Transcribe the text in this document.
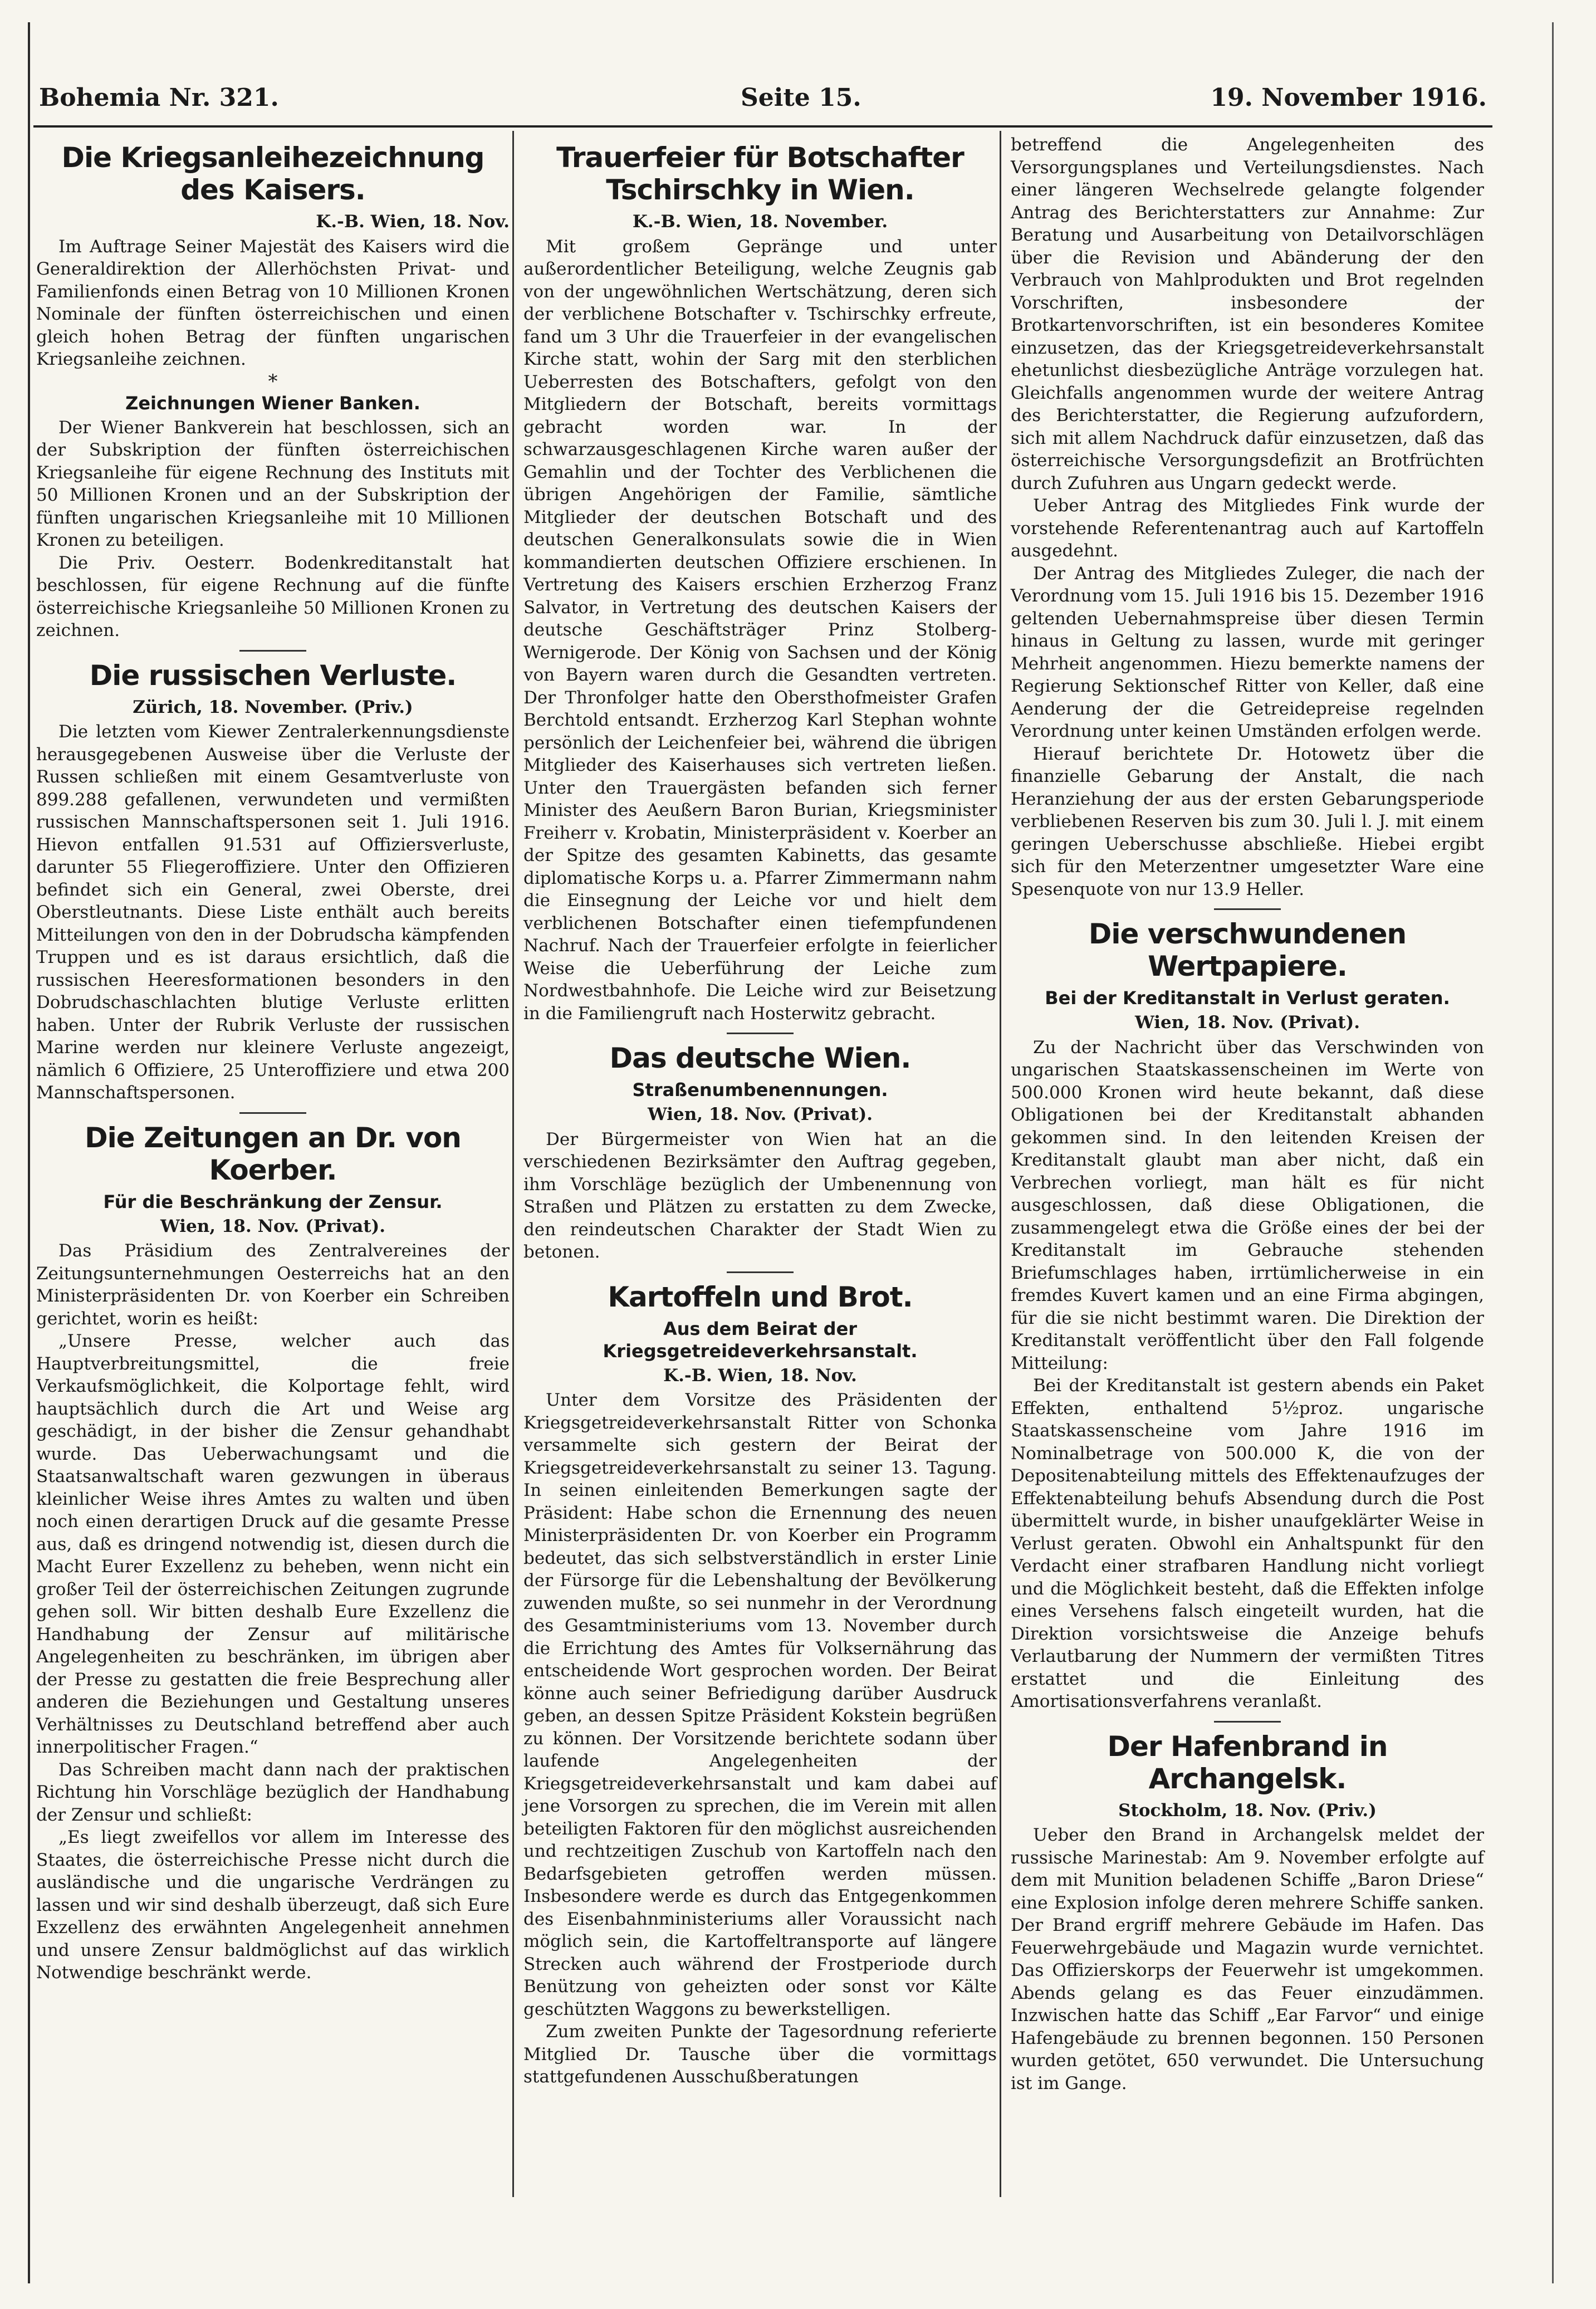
Bohemia Nr. 321.	Seite 15.	19. November 1916.
Die Kriegsanleihezeichnung des Kaisers.
K.-B. Wien, 18. Nov.

Im Auftrage Seiner Majestät des Kaisers wird die Generaldirektion der Allerhöchsten Privat- und Familienfonds einen Betrag von 10 Millionen Kronen Nominale der fünften österreichischen und einen gleich hohen Betrag der fünften ungarischen Kriegsanleihe zeichnen.

*
Zeichnungen Wiener Banken.

Der Wiener Bankverein hat beschlossen, sich an der Subskription der fünften österreichischen Kriegsanleihe für eigene Rechnung des Instituts mit 50 Millionen Kronen und an der Subskription der fünften ungarischen Kriegsanleihe mit 10 Millionen Kronen zu beteiligen.

Die Priv. Oesterr. Bodenkreditanstalt hat beschlossen, für eigene Rechnung auf die fünfte österreichische Kriegsanleihe 50 Millionen Kronen zu zeichnen.

Die russischen Verluste.
Zürich, 18. November. (Priv.)

Die letzten vom Kiewer Zentralerkennungsdienste herausgegebenen Ausweise über die Verluste der Russen schließen mit einem Gesamtverluste von 899.288 gefallenen, verwundeten und vermißten russischen Mannschaftspersonen seit 1. Juli 1916. Hievon entfallen 91.531 auf Offiziersverluste, darunter 55 Fliegeroffiziere. Unter den Offizieren befindet sich ein General, zwei Oberste, drei Oberstleutnants. Diese Liste enthält auch bereits Mitteilungen von den in der Dobrudscha kämpfenden Truppen und es ist daraus ersichtlich, daß die russischen Heeresformationen besonders in den Dobrudschaschlachten blutige Verluste erlitten haben. Unter der Rubrik Verluste der russischen Marine werden nur kleinere Verluste angezeigt, nämlich 6 Offiziere, 25 Unteroffiziere und etwa 200 Mannschaftspersonen.

Die Zeitungen an Dr. von Koerber.
Für die Beschränkung der Zensur.
Wien, 18. Nov. (Privat).

Das Präsidium des Zentralvereines der Zeitungsunternehmungen Oesterreichs hat an den Ministerpräsidenten Dr. von Koerber ein Schreiben gerichtet, worin es heißt:

„Unsere Presse, welcher auch das Hauptverbreitungsmittel, die freie Verkaufsmöglichkeit, die Kolportage fehlt, wird hauptsächlich durch die Art und Weise arg geschädigt, in der bisher die Zensur gehandhabt wurde. Das Ueberwachungsamt und die Staatsanwaltschaft waren gezwungen in überaus kleinlicher Weise ihres Amtes zu walten und üben noch einen derartigen Druck auf die gesamte Presse aus, daß es dringend notwendig ist, diesen durch die Macht Eurer Exzellenz zu beheben, wenn nicht ein großer Teil der österreichischen Zeitungen zugrunde gehen soll. Wir bitten deshalb Eure Exzellenz die Handhabung der Zensur auf militärische Angelegenheiten zu beschränken, im übrigen aber der Presse zu gestatten die freie Besprechung aller anderen die Beziehungen und Gestaltung unseres Verhältnisses zu Deutschland betreffend aber auch innerpolitischer Fragen.“

Das Schreiben macht dann nach der praktischen Richtung hin Vorschläge bezüglich der Handhabung der Zensur und schließt:

„Es liegt zweifellos vor allem im Interesse des Staates, die österreichische Presse nicht durch die ausländische und die ungarische Verdrängen zu lassen und wir sind deshalb überzeugt, daß sich Eure Exzellenz des erwähnten Angelegenheit annehmen und unsere Zensur baldmöglichst auf das wirklich Notwendige beschränkt werde.

Trauerfeier für Botschafter Tschirschky in Wien.
K.-B. Wien, 18. November.

Mit großem Gepränge und unter außerordentlicher Beteiligung, welche Zeugnis gab von der ungewöhnlichen Wertschätzung, deren sich der verblichene Botschafter v. Tschirschky erfreute, fand um 3 Uhr die Trauerfeier in der evangelischen Kirche statt, wohin der Sarg mit den sterblichen Ueberresten des Botschafters, gefolgt von den Mitgliedern der Botschaft, bereits vormittags gebracht worden war. In der schwarzausgeschlagenen Kirche waren außer der Gemahlin und der Tochter des Verblichenen die übrigen Angehörigen der Familie, sämtliche Mitglieder der deutschen Botschaft und des deutschen Generalkonsulats sowie die in Wien kommandierten deutschen Offiziere erschienen. In Vertretung des Kaisers erschien Erzherzog Franz Salvator, in Vertretung des deutschen Kaisers der deutsche Geschäftsträger Prinz Stolberg-Wernigerode. Der König von Sachsen und der König von Bayern waren durch die Gesandten vertreten. Der Thronfolger hatte den Obersthofmeister Grafen Berchtold entsandt. Erzherzog Karl Stephan wohnte persönlich der Leichenfeier bei, während die übrigen Mitglieder des Kaiserhauses sich vertreten ließen. Unter den Trauergästen befanden sich ferner Minister des Aeußern Baron Burian, Kriegsminister Freiherr v. Krobatin, Ministerpräsident v. Koerber an der Spitze des gesamten Kabinetts, das gesamte diplomatische Korps u. a. Pfarrer Zimmermann nahm die Einsegnung der Leiche vor und hielt dem verblichenen Botschafter einen tiefempfundenen Nachruf. Nach der Trauerfeier erfolgte in feierlicher Weise die Ueberführung der Leiche zum Nordwestbahnhofe. Die Leiche wird zur Beisetzung in die Familiengruft nach Hosterwitz gebracht.

Das deutsche Wien.
Straßenumbenennungen.
Wien, 18. Nov. (Privat).

Der Bürgermeister von Wien hat an die verschiedenen Bezirksämter den Auftrag gegeben, ihm Vorschläge bezüglich der Umbenennung von Straßen und Plätzen zu erstatten zu dem Zwecke, den reindeutschen Charakter der Stadt Wien zu betonen.

Kartoffeln und Brot.
Aus dem Beirat der Kriegsgetreideverkehrsanstalt.
K.-B. Wien, 18. Nov.

Unter dem Vorsitze des Präsidenten der Kriegsgetreideverkehrsanstalt Ritter von Schonka versammelte sich gestern der Beirat der Kriegsgetreideverkehrsanstalt zu seiner 13. Tagung. In seinen einleitenden Bemerkungen sagte der Präsident: Habe schon die Ernennung des neuen Ministerpräsidenten Dr. von Koerber ein Programm bedeutet, das sich selbstverständlich in erster Linie der Fürsorge für die Lebenshaltung der Bevölkerung zuwenden mußte, so sei nunmehr in der Verordnung des Gesamtministeriums vom 13. November durch die Errichtung des Amtes für Volksernährung das entscheidende Wort gesprochen worden. Der Beirat könne auch seiner Befriedigung darüber Ausdruck geben, an dessen Spitze Präsident Kokstein begrüßen zu können. Der Vorsitzende berichtete sodann über laufende Angelegenheiten der Kriegsgetreideverkehrsanstalt und kam dabei auf jene Vorsorgen zu sprechen, die im Verein mit allen beteiligten Faktoren für den möglichst ausreichenden und rechtzeitigen Zuschub von Kartoffeln nach den Bedarfsgebieten getroffen werden müssen. Insbesondere werde es durch das Entgegenkommen des Eisenbahnministeriums aller Voraussicht nach möglich sein, die Kartoffeltransporte auf längere Strecken auch während der Frostperiode durch Benützung von geheizten oder sonst vor Kälte geschützten Waggons zu bewerkstelligen.

Zum zweiten Punkte der Tagesordnung referierte Mitglied Dr. Tausche über die vormittags stattgefundenen Ausschußberatungen

betreffend die Angelegenheiten des Versorgungsplanes und Verteilungsdienstes. Nach einer längeren Wechselrede gelangte folgender Antrag des Berichterstatters zur Annahme: Zur Beratung und Ausarbeitung von Detailvorschlägen über die Revision und Abänderung der den Verbrauch von Mahlprodukten und Brot regelnden Vorschriften, insbesondere der Brotkartenvorschriften, ist ein besonderes Komitee einzusetzen, das der Kriegsgetreideverkehrsanstalt ehetunlichst diesbezügliche Anträge vorzulegen hat. Gleichfalls angenommen wurde der weitere Antrag des Berichterstatter, die Regierung aufzufordern, sich mit allem Nachdruck dafür einzusetzen, daß das österreichische Versorgungsdefizit an Brotfrüchten durch Zufuhren aus Ungarn gedeckt werde.

Ueber Antrag des Mitgliedes Fink wurde der vorstehende Referentenantrag auch auf Kartoffeln ausgedehnt.

Der Antrag des Mitgliedes Zuleger, die nach der Verordnung vom 15. Juli 1916 bis 15. Dezember 1916 geltenden Uebernahmspreise über diesen Termin hinaus in Geltung zu lassen, wurde mit geringer Mehrheit angenommen. Hiezu bemerkte namens der Regierung Sektionschef Ritter von Keller, daß eine Aenderung der die Getreidepreise regelnden Verordnung unter keinen Umständen erfolgen werde.

Hierauf berichtete Dr. Hotowetz über die finanzielle Gebarung der Anstalt, die nach Heranziehung der aus der ersten Gebarungsperiode verbliebenen Reserven bis zum 30. Juli l. J. mit einem geringen Ueberschusse abschließe. Hiebei ergibt sich für den Meterzentner umgesetzter Ware eine Spesenquote von nur 13.9 Heller.

Die verschwundenen Wertpapiere.
Bei der Kreditanstalt in Verlust geraten.
Wien, 18. Nov. (Privat).

Zu der Nachricht über das Verschwinden von ungarischen Staatskassenscheinen im Werte von 500.000 Kronen wird heute bekannt, daß diese Obligationen bei der Kreditanstalt abhanden gekommen sind. In den leitenden Kreisen der Kreditanstalt glaubt man aber nicht, daß ein Verbrechen vorliegt, man hält es für nicht ausgeschlossen, daß diese Obligationen, die zusammengelegt etwa die Größe eines der bei der Kreditanstalt im Gebrauche stehenden Briefumschlages haben, irrtümlicherweise in ein fremdes Kuvert kamen und an eine Firma abgingen, für die sie nicht bestimmt waren. Die Direktion der Kreditanstalt veröffentlicht über den Fall folgende Mitteilung:

Bei der Kreditanstalt ist gestern abends ein Paket Effekten, enthaltend 5½proz. ungarische Staatskassenscheine vom Jahre 1916 im Nominalbetrage von 500.000 K, die von der Depositenabteilung mittels des Effektenaufzuges der Effektenabteilung behufs Absendung durch die Post übermittelt wurde, in bisher unaufgeklärter Weise in Verlust geraten. Obwohl ein Anhaltspunkt für den Verdacht einer strafbaren Handlung nicht vorliegt und die Möglichkeit besteht, daß die Effekten infolge eines Versehens falsch eingeteilt wurden, hat die Direktion vorsichtsweise die Anzeige behufs Verlautbarung der Nummern der vermißten Titres erstattet und die Einleitung des Amortisationsverfahrens veranlaßt.

Der Hafenbrand in Archangelsk.
Stockholm, 18. Nov. (Priv.)

Ueber den Brand in Archangelsk meldet der russische Marinestab: Am 9. November erfolgte auf dem mit Munition beladenen Schiffe „Baron Driese“ eine Explosion infolge deren mehrere Schiffe sanken. Der Brand ergriff mehrere Gebäude im Hafen. Das Feuerwehrgebäude und Magazin wurde vernichtet. Das Offizierskorps der Feuerwehr ist umgekommen. Abends gelang es das Feuer einzudämmen. Inzwischen hatte das Schiff „Ear Farvor“ und einige Hafengebäude zu brennen begonnen. 150 Personen wurden getötet, 650 verwundet. Die Untersuchung ist im Gange.
